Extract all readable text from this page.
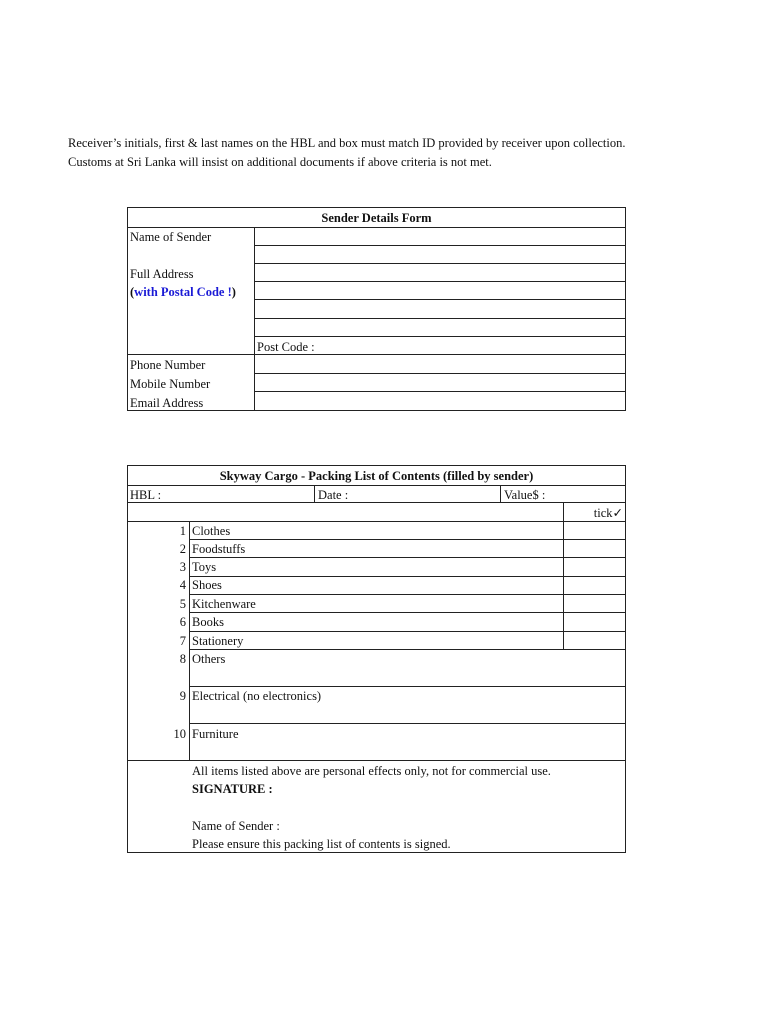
Receiver’s initials, first & last names on the HBL and box must match ID provided by receiver upon collection.

Customs at Sri Lanka will insist on additional documents if above criteria is not met.

Sender Details Form
Name of Sender
Full Address
(with Postal Code !)
Post Code :
Phone Number
Mobile Number
Email Address
Skyway Cargo - Packing List of Contents (filled by sender)
HBL :	Date :	Value$ :
tick✓
1 Clothes
2 Foodstuffs
3 Toys
4 Shoes
5 Kitchenware
6 Books
7 Stationery
8 Others
9 Electrical (no electronics)
10 Furniture
All items listed above are personal effects only, not for commercial use.
SIGNATURE :
Name of Sender :
Please ensure this packing list of contents is signed.
